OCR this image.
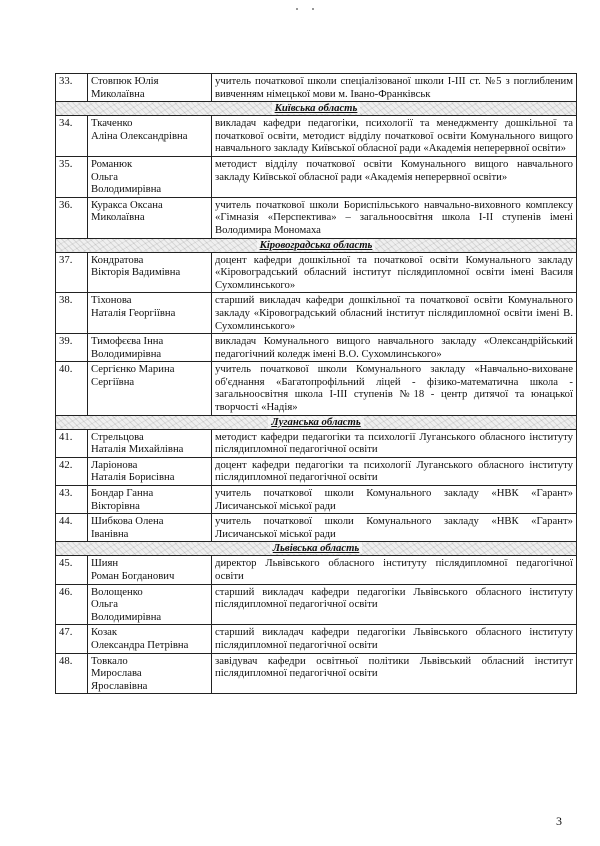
33.	Стовпюк Юлія
Миколаївна	учитель початкової школи спеціалізованої школи І-ІІІ ст. №5 з поглибленим вивченням німецької мови м. Івано-Франківськ
Київська область		
34.	Ткаченко
Аліна Олександрівна	викладач кафедри педагогіки, психології та менеджменту дошкільної та початкової освіти, методист відділу початкової освіти Комунального вищого навчального закладу Київської обласної ради «Академія неперервної освіти»
35.	Романюк
Ольга
Володимирівна	методист відділу початкової освіти Комунального вищого навчального закладу Київської обласної ради «Академія неперервної освіти»
36.	Куракса Оксана
Миколаївна	учитель початкової школи Бориспільського навчально-виховного комплексу «Гімназія «Перспектива» – загальноосвітня школа І-ІІ ступенів імені Володимира Мономаха
Кіровоградська область		
37.	Кондратова
Вікторія Вадимівна	доцент кафедри дошкільної та початкової освіти Комунального закладу «Кіровоградський обласний інститут післядипломної освіти імені Василя Сухомлинського»
38.	Тіхонова
Наталія Георгіївна	старший викладач кафедри дошкільної та початкової освіти Комунального закладу «Кіровоградський обласний інститут післядипломної освіти імені В. Сухомлинського»
39.	Тимофєєва Інна
Володимирівна	викладач Комунального вищого навчального закладу «Олександрійський педагогічний коледж імені В.О. Сухомлинського»
40.	Сергієнко Марина
Сергіївна	учитель початкової школи Комунального закладу «Навчально-виховане об'єднання «Багатопрофільний ліцей - фізико-математична школа - загальноосвітня школа І-ІІІ ступенів №18 - центр дитячої та юнацької творчості «Надія»
Луганська область		
41.	Стрельцова
Наталія Михайлівна	методист кафедри педагогіки та психології Луганського обласного інституту післядипломної педагогічної освіти
42.	Ларіонова
Наталія Борисівна	доцент кафедри педагогіки та психології Луганського обласного інституту післядипломної педагогічної освіти
43.	Бондар Ганна
Вікторівна	учитель початкової школи Комунального закладу «НВК «Гарант» Лисичанської міської ради
44.	Шибкова Олена
Іванівна	учитель початкової школи Комунального закладу «НВК «Гарант» Лисичанської міської ради
Львівська область		
45.	Шиян
Роман Богданович	директор Львівського обласного інституту післядипломної педагогічної освіти
46.	Волощенко
Ольга
Володимирівна	старший викладач кафедри педагогіки Львівського обласного інституту післядипломної педагогічної освіти
47.	Козак
Олександра Петрівна	старший викладач кафедри педагогіки Львівського обласного інституту післядипломної педагогічної освіти
48.	Товкало
Мирослава
Ярославівна	завідувач кафедри освітньої політики Львівський обласний інститут післядипломної педагогічної освіти
3
